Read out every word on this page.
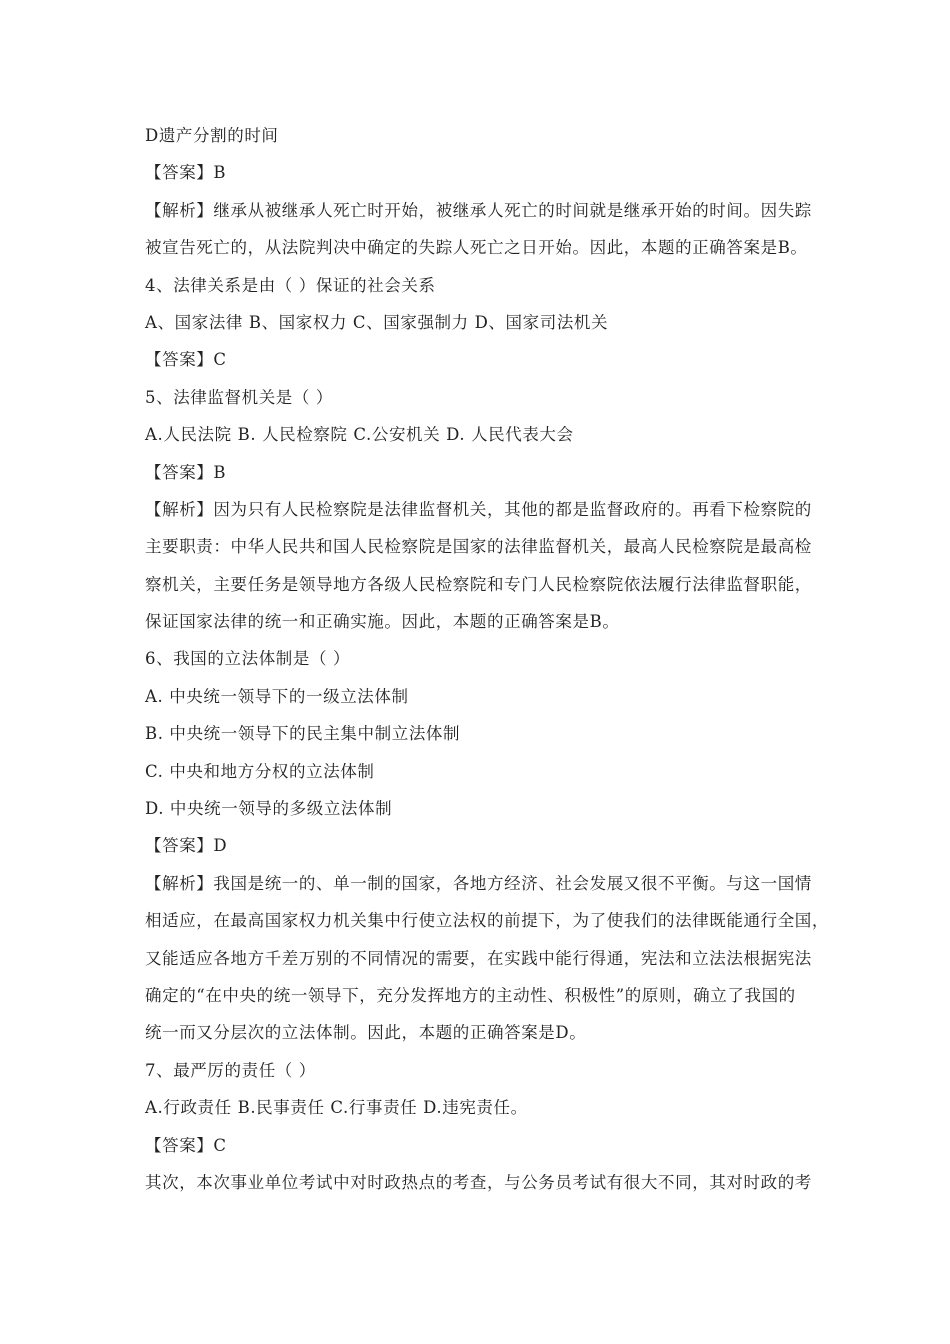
D遗产分割的时间
【答案】B
【解析】继承从被继承人死亡时开始，被继承人死亡的时间就是继承开始的时间。因失踪
被宣告死亡的，从法院判决中确定的失踪人死亡之日开始。因此，本题的正确答案是B。
4、法律关系是由（ ）保证的社会关系
A、国家法律 B、国家权力 C、国家强制力 D、国家司法机关
【答案】C
5、法律监督机关是（ ）
A.人民法院 B. 人民检察院 C.公安机关 D. 人民代表大会
【答案】B
【解析】因为只有人民检察院是法律监督机关，其他的都是监督政府的。再看下检察院的
主要职责：中华人民共和国人民检察院是国家的法律监督机关，最高人民检察院是最高检
察机关，主要任务是领导地方各级人民检察院和专门人民检察院依法履行法律监督职能，
保证国家法律的统一和正确实施。因此，本题的正确答案是B。
6、我国的立法体制是（ ）
A. 中央统一领导下的一级立法体制
B. 中央统一领导下的民主集中制立法体制
C. 中央和地方分权的立法体制
D. 中央统一领导的多级立法体制
【答案】D
【解析】我国是统一的、单一制的国家，各地方经济、社会发展又很不平衡。与这一国情
相适应，在最高国家权力机关集中行使立法权的前提下，为了使我们的法律既能通行全国，
又能适应各地方千差万别的不同情况的需要，在实践中能行得通，宪法和立法法根据宪法
确定的“在中央的统一领导下，充分发挥地方的主动性、积极性”的原则，确立了我国的
统一而又分层次的立法体制。因此，本题的正确答案是D。
7、最严厉的责任（ ）
A.行政责任 B.民事责任 C.行事责任 D.违宪责任。
【答案】C
其次，本次事业单位考试中对时政热点的考查，与公务员考试有很大不同，其对时政的考
